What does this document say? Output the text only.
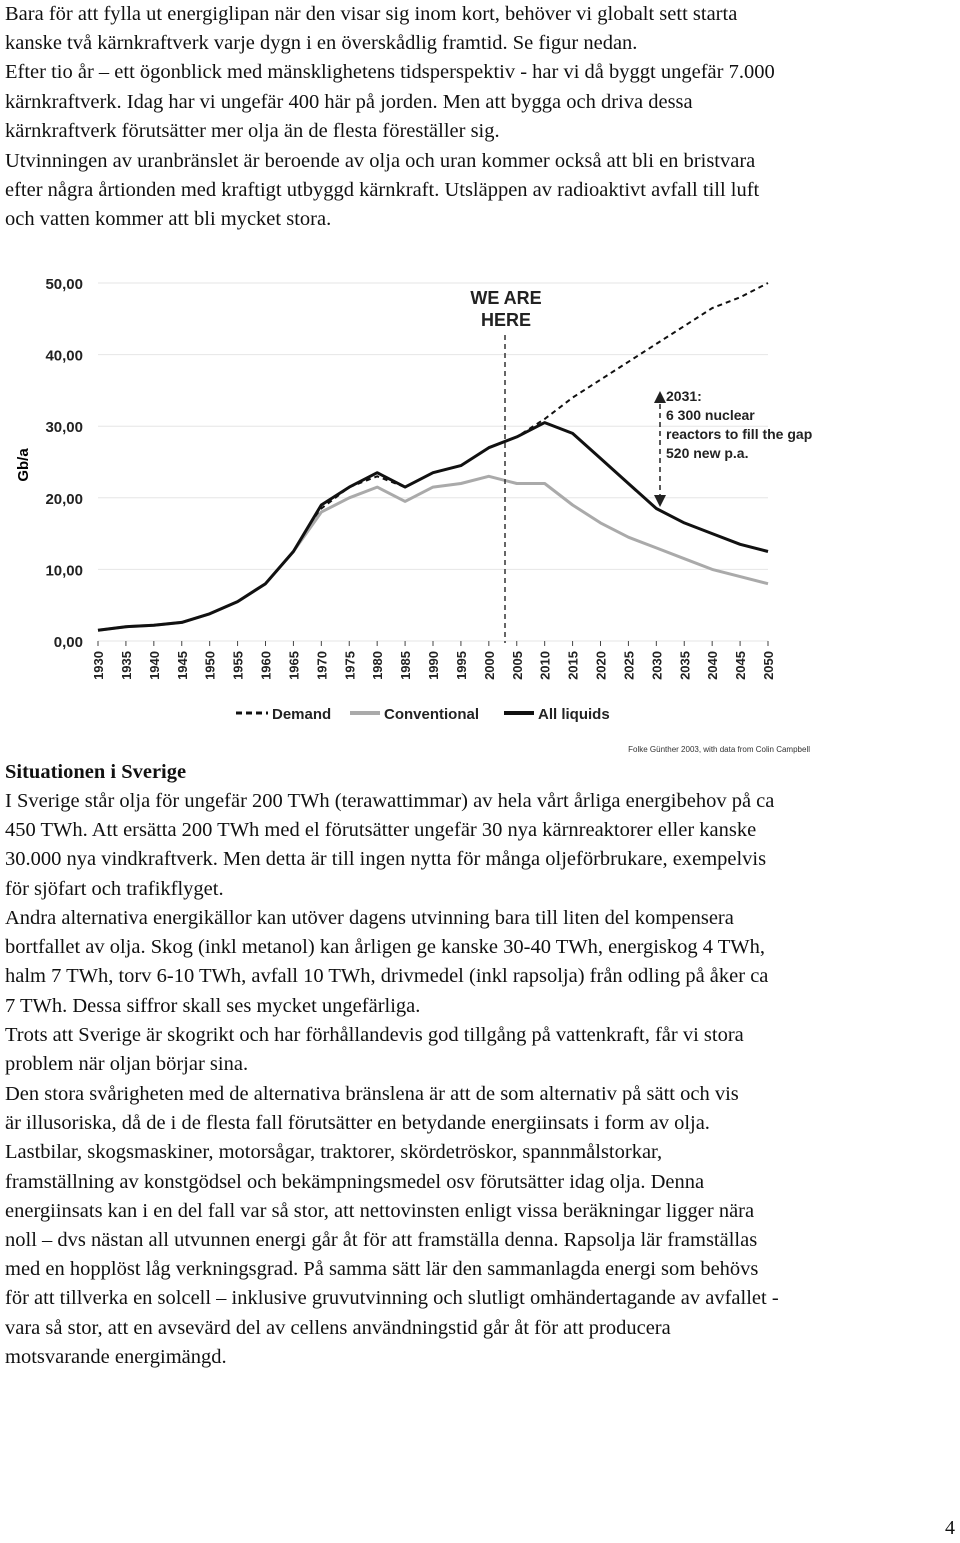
Bara för att fylla ut energiglipan när den visar sig inom kort, behöver vi globalt sett starta
kanske två kärnkraftverk varje dygn i en överskådlig framtid. Se figur nedan.
Efter tio år – ett ögonblick med mänsklighetens tidsperspektiv - har vi då byggt ungefär 7.000
kärnkraftverk. Idag har vi ungefär 400 här på jorden. Men att bygga och driva dessa
kärnkraftverk förutsätter mer olja än de flesta föreställer sig.

Utvinningen av uranbränslet är beroende av olja och uran kommer också att bli en bristvara
efter några årtionden med kraftigt utbyggd kärnkraft. Utsläppen av radioaktivt avfall till luft
och vatten kommer att bli mycket stora.

Gb/a
0,00
10,00
20,00
30,00
40,00
50,00
1930 1935 1940 1945 1950 1955 1960 1965 1970 1975 1980 1985 1990 1995 2000 2005 2010 2015 2020 2025 2030 2035 2040 2045 2050
WE ARE
HERE
2031:
6 300 nuclear
reactors to fill the gap
520 new p.a.
Demand	Conventional	All liquids
Folke Günther 2003, with data from Colin Campbell

Situationen i Sverige

I Sverige står olja för ungefär 200 TWh (terawattimmar) av hela vårt årliga energibehov på ca
450 TWh. Att ersätta 200 TWh med el förutsätter ungefär 30 nya kärnreaktorer eller kanske
30.000 nya vindkraftverk. Men detta är till ingen nytta för många oljeförbrukare, exempelvis
för sjöfart och trafikflyget.

Andra alternativa energikällor kan utöver dagens utvinning bara till liten del kompensera
bortfallet av olja. Skog (inkl metanol) kan årligen ge kanske 30-40 TWh, energiskog 4 TWh,
halm 7 TWh, torv 6-10 TWh, avfall 10 TWh, drivmedel (inkl rapsolja) från odling på åker ca
7 TWh. Dessa siffror skall ses mycket ungefärliga.

Trots att Sverige är skogrikt och har förhållandevis god tillgång på vattenkraft, får vi stora
problem när oljan börjar sina.

Den stora svårigheten med de alternativa bränslena är att de som alternativ på sätt och vis
är illusoriska, då de i de flesta fall förutsätter en betydande energiinsats i form av olja.
Lastbilar, skogsmaskiner, motorsågar, traktorer, skördetröskor, spannmålstorkar,
framställning av konstgödsel och bekämpningsmedel osv förutsätter idag olja. Denna
energiinsats kan i en del fall var så stor, att nettovinsten enligt vissa beräkningar ligger nära
noll – dvs nästan all utvunnen energi går åt för att framställa denna. Rapsolja lär framställas
med en hopplöst låg verkningsgrad. På samma sätt lär den sammanlagda energi som behövs
för att tillverka en solcell – inklusive gruvutvinning och slutligt omhändertagande av avfallet -
vara så stor, att en avsevärd del av cellens användningstid går åt för att producera
motsvarande energimängd.

4
